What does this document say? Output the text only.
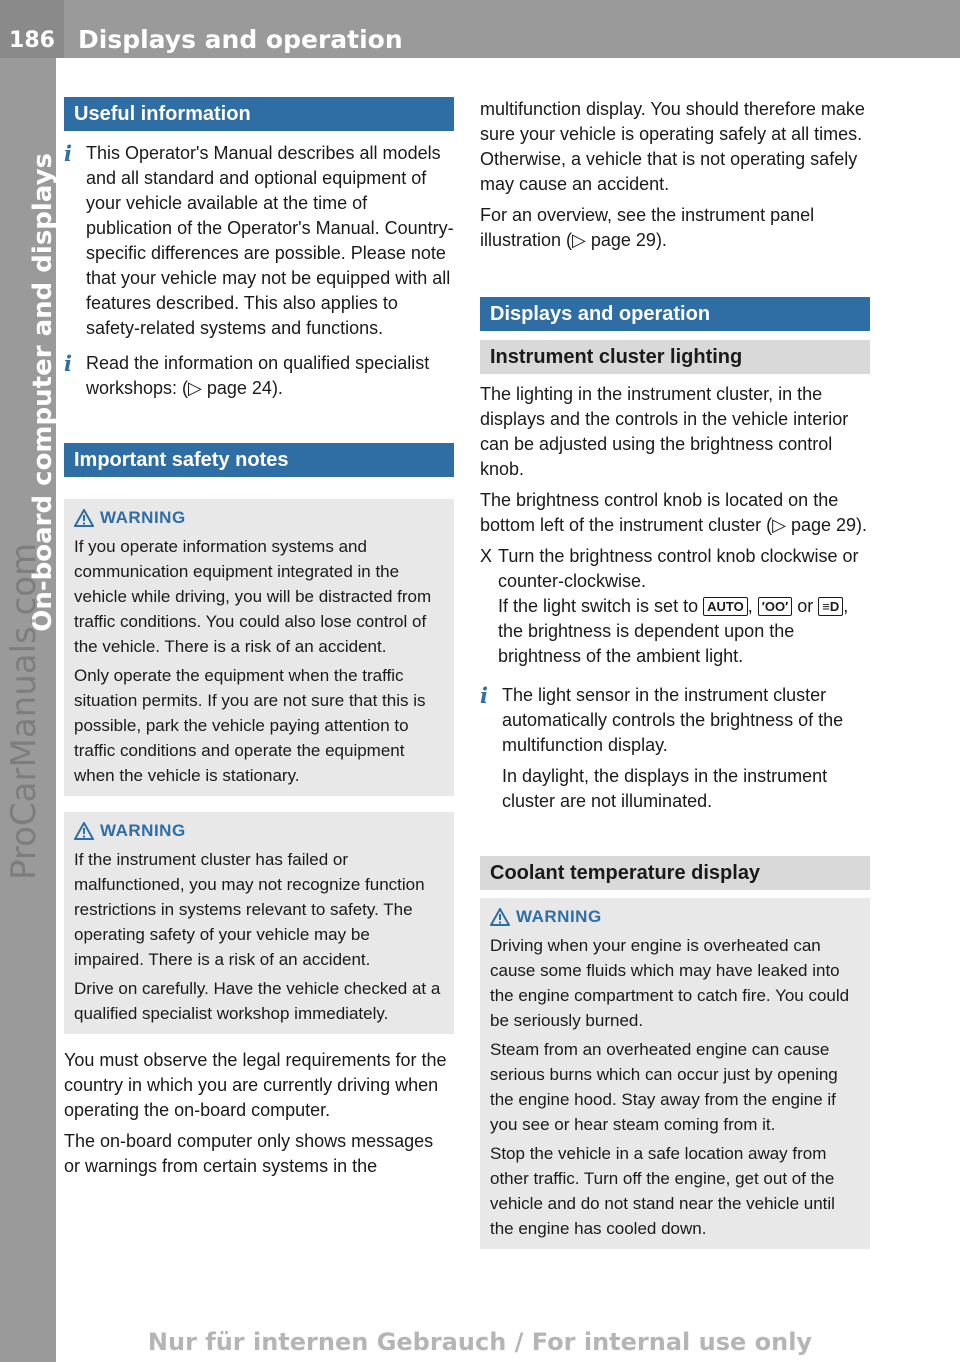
186 Displays and operation
On-board computer and displays
ProCarManuals.com
Useful information
i This Operator's Manual describes all models and all standard and optional equipment of your vehicle available at the time of publication of the Operator's Manual. Country-specific differences are possible. Please note that your vehicle may not be equipped with all features described. This also applies to safety-related systems and functions.

i Read the information on qualified specialist workshops: (▷ page 24).

Important safety notes
WARNING

If you operate information systems and communication equipment integrated in the vehicle while driving, you will be distracted from traffic conditions. You could also lose control of the vehicle. There is a risk of an accident.

Only operate the equipment when the traffic situation permits. If you are not sure that this is possible, park the vehicle paying attention to traffic conditions and operate the equipment when the vehicle is stationary.

WARNING

If the instrument cluster has failed or malfunctioned, you may not recognize function restrictions in systems relevant to safety. The operating safety of your vehicle may be impaired. There is a risk of an accident.

Drive on carefully. Have the vehicle checked at a qualified specialist workshop immediately.

You must observe the legal requirements for the country in which you are currently driving when operating the on-board computer.

The on-board computer only shows messages or warnings from certain systems in the

multifunction display. You should therefore make sure your vehicle is operating safely at all times. Otherwise, a vehicle that is not operating safely may cause an accident.

For an overview, see the instrument panel illustration (▷ page 29).

Displays and operation
Instrument cluster lighting

The lighting in the instrument cluster, in the displays and the controls in the vehicle interior can be adjusted using the brightness control knob.

The brightness control knob is located on the bottom left of the instrument cluster (▷ page 29).

X Turn the brightness control knob clockwise or counter-clockwise.

If the light switch is set to AUTO , ′OO′ or ≡D , the brightness is dependent upon the brightness of the ambient light.

i The light sensor in the instrument cluster automatically controls the brightness of the multifunction display.

In daylight, the displays in the instrument cluster are not illuminated.

Coolant temperature display
WARNING

Driving when your engine is overheated can cause some fluids which may have leaked into the engine compartment to catch fire. You could be seriously burned.

Steam from an overheated engine can cause serious burns which can occur just by opening the engine hood. Stay away from the engine if you see or hear steam coming from it.

Stop the vehicle in a safe location away from other traffic. Turn off the engine, get out of the vehicle and do not stand near the vehicle until the engine has cooled down.

Nur für internen Gebrauch / For internal use only
